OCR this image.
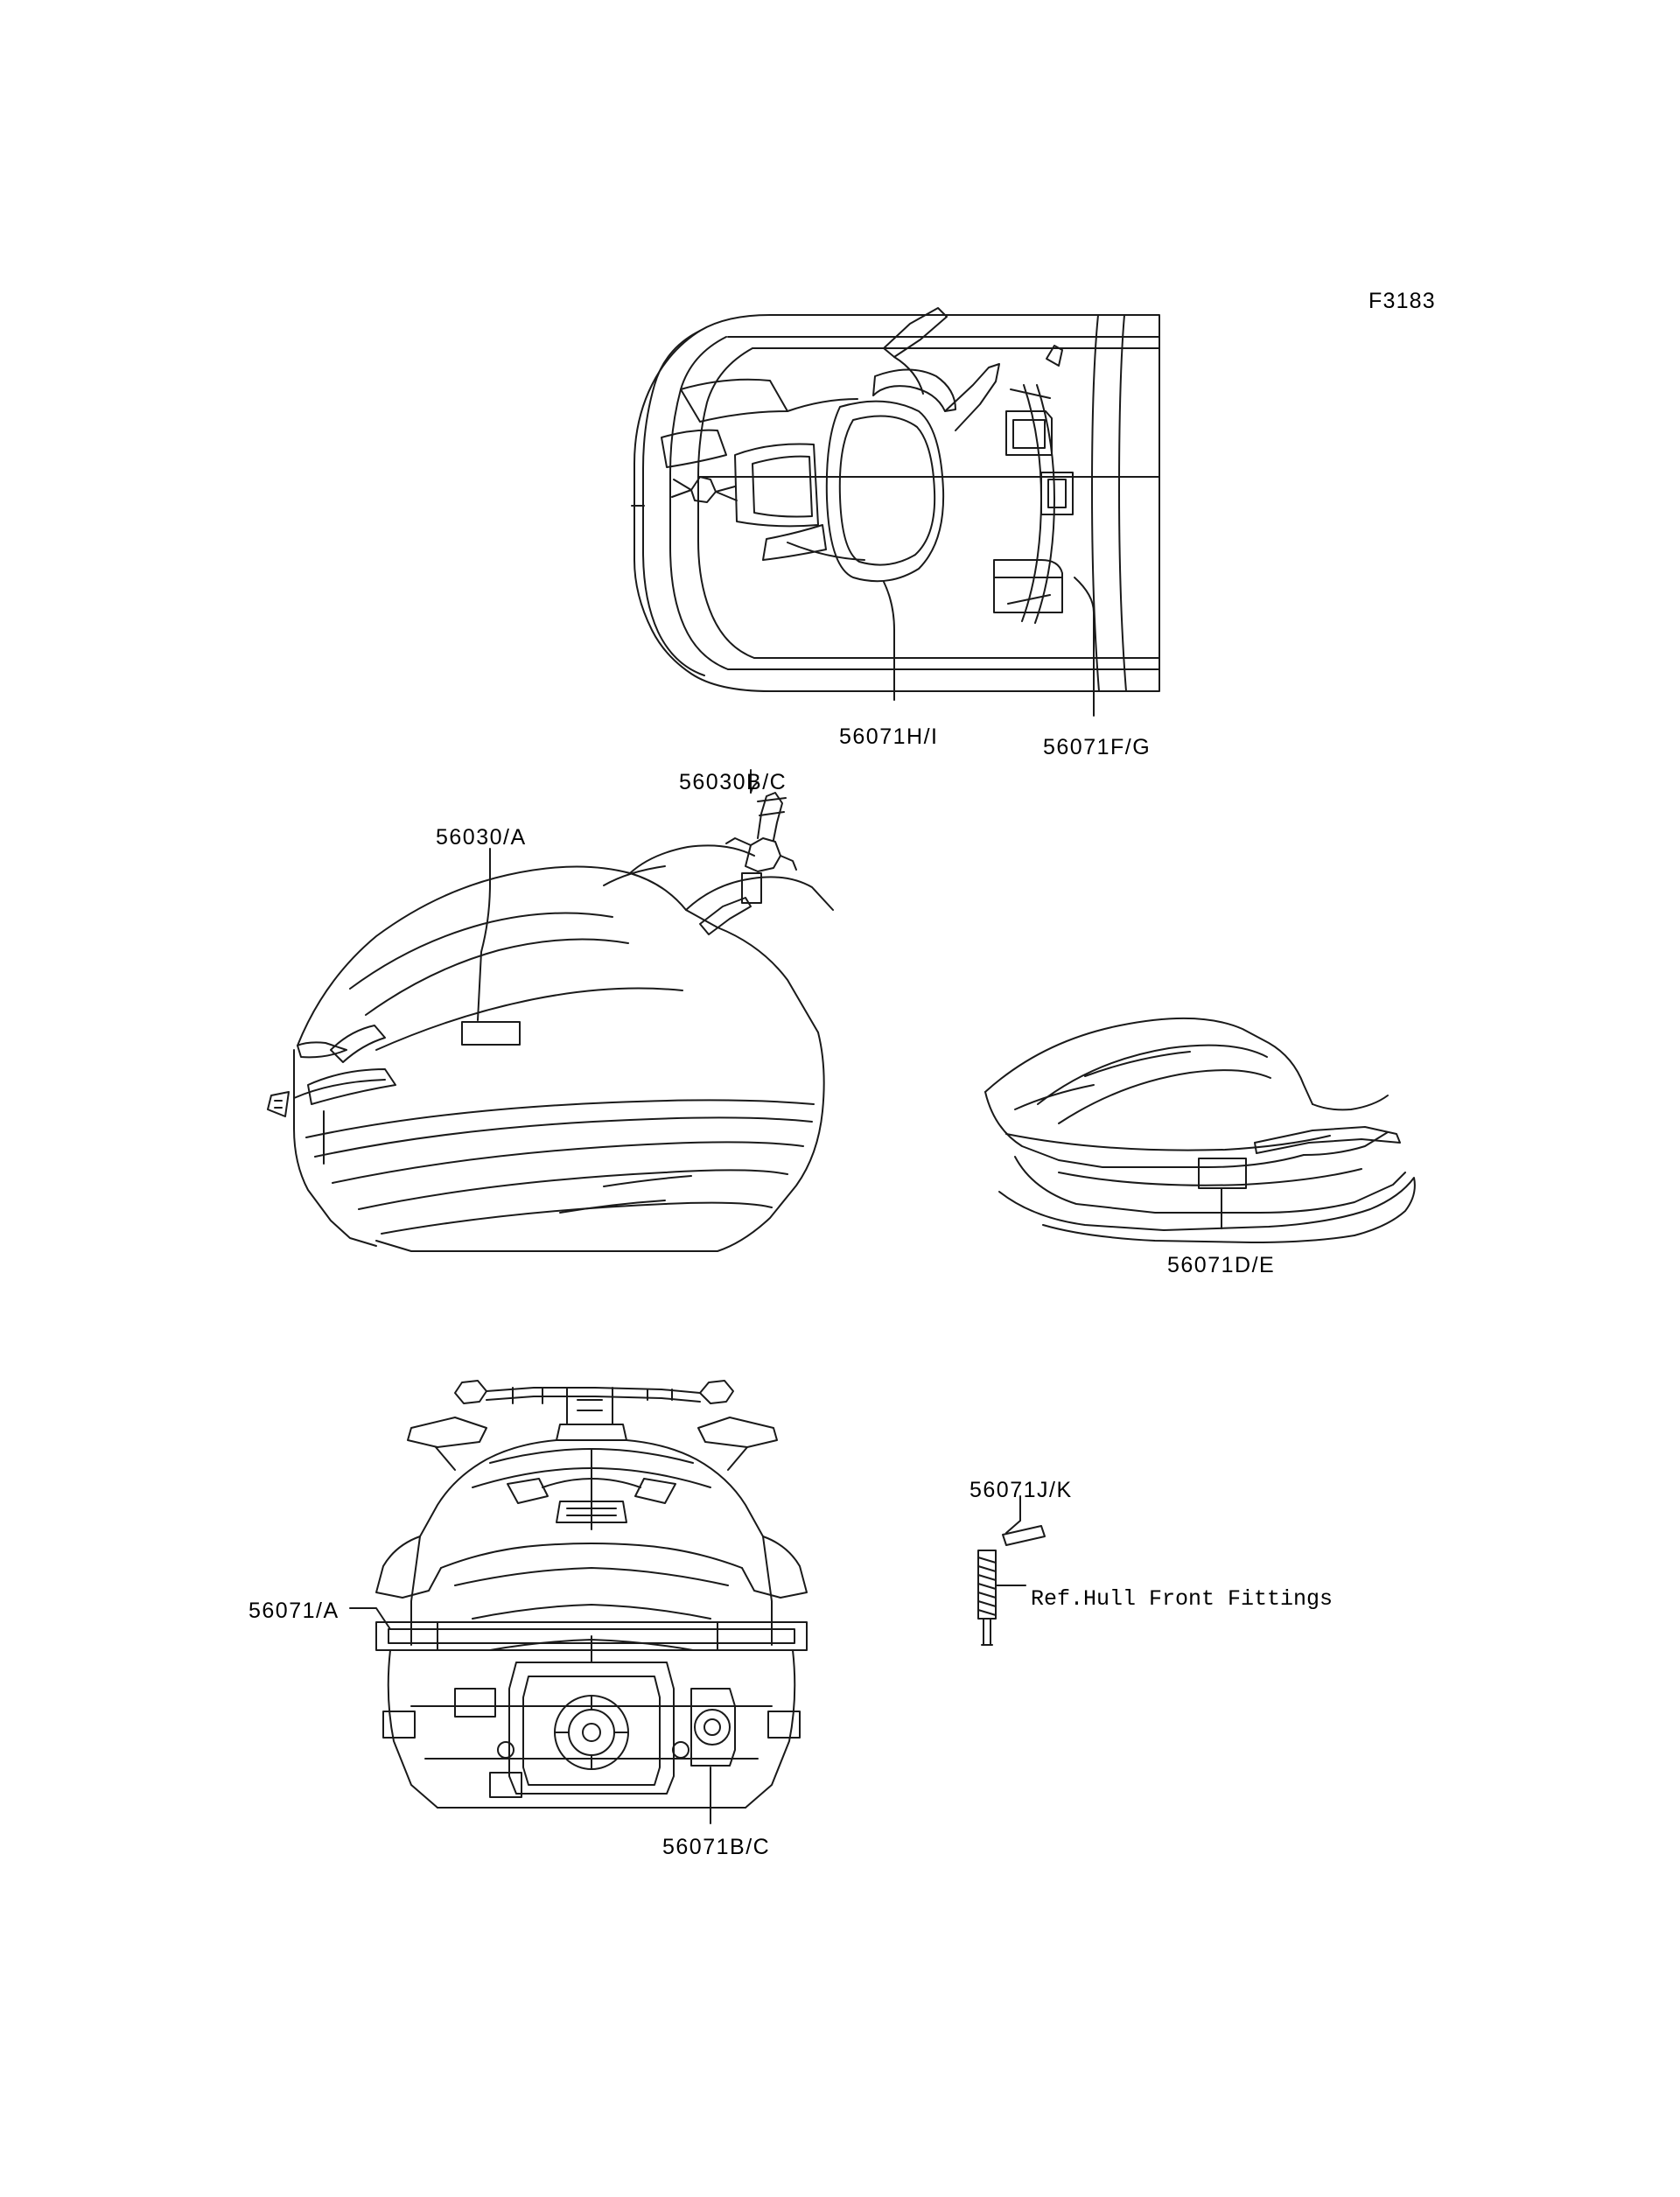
F3183
56071H/I	56071F/G
56030B/C
56030/A
56071D/E
56071J/K
56071/A	Ref.Hull Front Fittings
56071B/C
